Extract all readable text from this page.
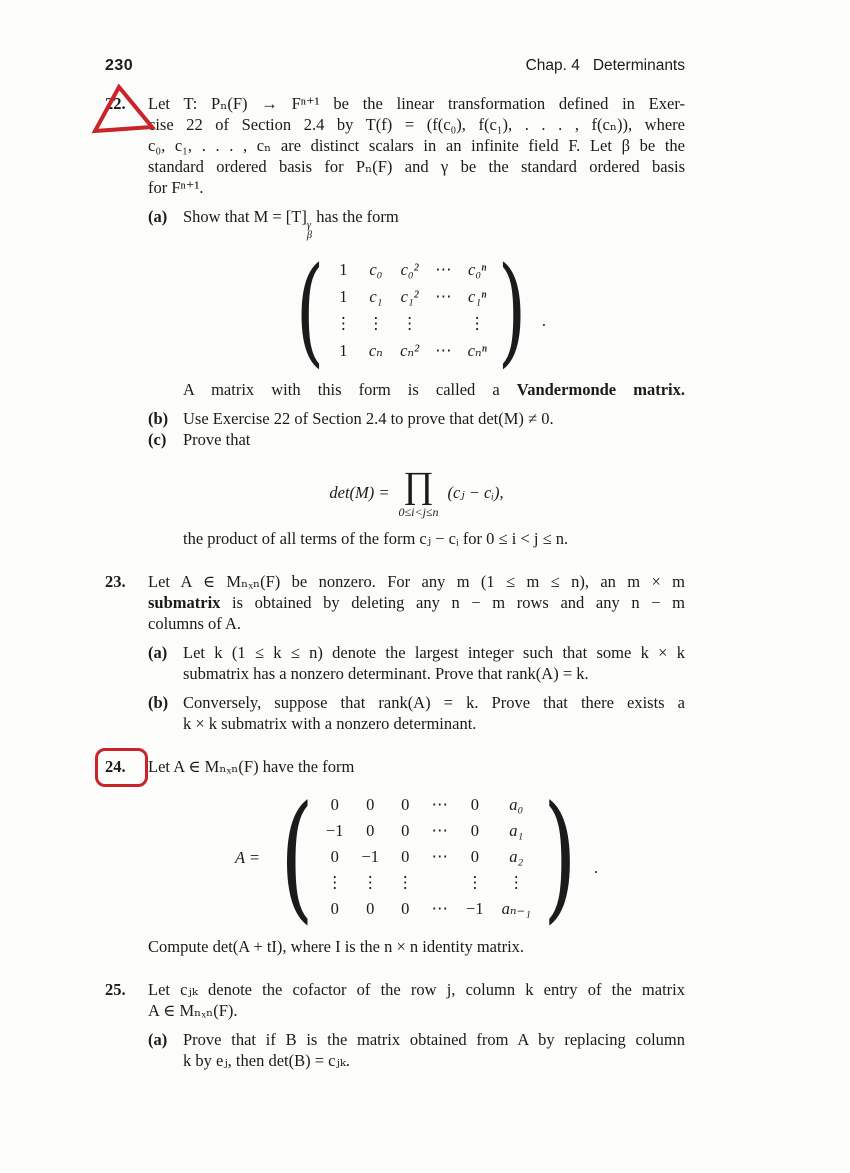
230	Chap. 4   Determinants
22.	Let T: Pₙ(F) → Fⁿ⁺¹ be the linear transformation defined in Exer-
cise 22 of Section 2.4 by T(f) = (f(c₀), f(c₁), . . . , f(cₙ)), where
c₀, c₁, . . . , cₙ are distinct scalars in an infinite field F. Let β be the
standard ordered basis for Pₙ(F) and γ be the standard ordered basis
for Fⁿ⁺¹.
(a) Show that M = [T] γ
β
has the form
( 1 c₀ c₀² ⋯ c₀ⁿ
1 c₁ c₁² ⋯ c₁ⁿ
⋮ ⋮ ⋮	⋮
1 cₙ cₙ² ⋯ cₙⁿ
)
.
A matrix with this form is called a Vandermonde matrix.
(b) Use Exercise 22 of Section 2.4 to prove that det(M) ≠ 0.
(c)	Prove that
det(M) = ∏
0≤i<j≤n
(cⱼ − cᵢ),
the product of all terms of the form cⱼ − cᵢ for 0 ≤ i < j ≤ n.
23.	Let A ∈ Mₙₓₙ(F) be nonzero. For any m (1 ≤ m ≤ n), an m × m
submatrix is obtained by deleting any n − m rows and any n − m
columns of A.
(a) Let k (1 ≤ k ≤ n) denote the largest integer such that some k × k
submatrix has a nonzero determinant. Prove that rank(A) = k.
(b) Conversely, suppose that rank(A) = k. Prove that there exists a
k × k submatrix with a nonzero determinant.
24.	Let A ∈ Mₙₓₙ(F) have the form
A =
( 0 0 0 ⋯ 0	a₀
−1 0 0 ⋯ 0	a₁
0 −1 0 ⋯ 0	a₂
⋮ ⋮ ⋮	⋮	⋮
0 0 0 ⋯ −1 aₙ₋₁
)
.
Compute det(A + tI), where I is the n × n identity matrix.
25.	Let cⱼₖ denote the cofactor of the row j, column k entry of the matrix
A ∈ Mₙₓₙ(F).
(a) Prove that if B is the matrix obtained from A by replacing column
k by eⱼ, then det(B) = cⱼₖ.
